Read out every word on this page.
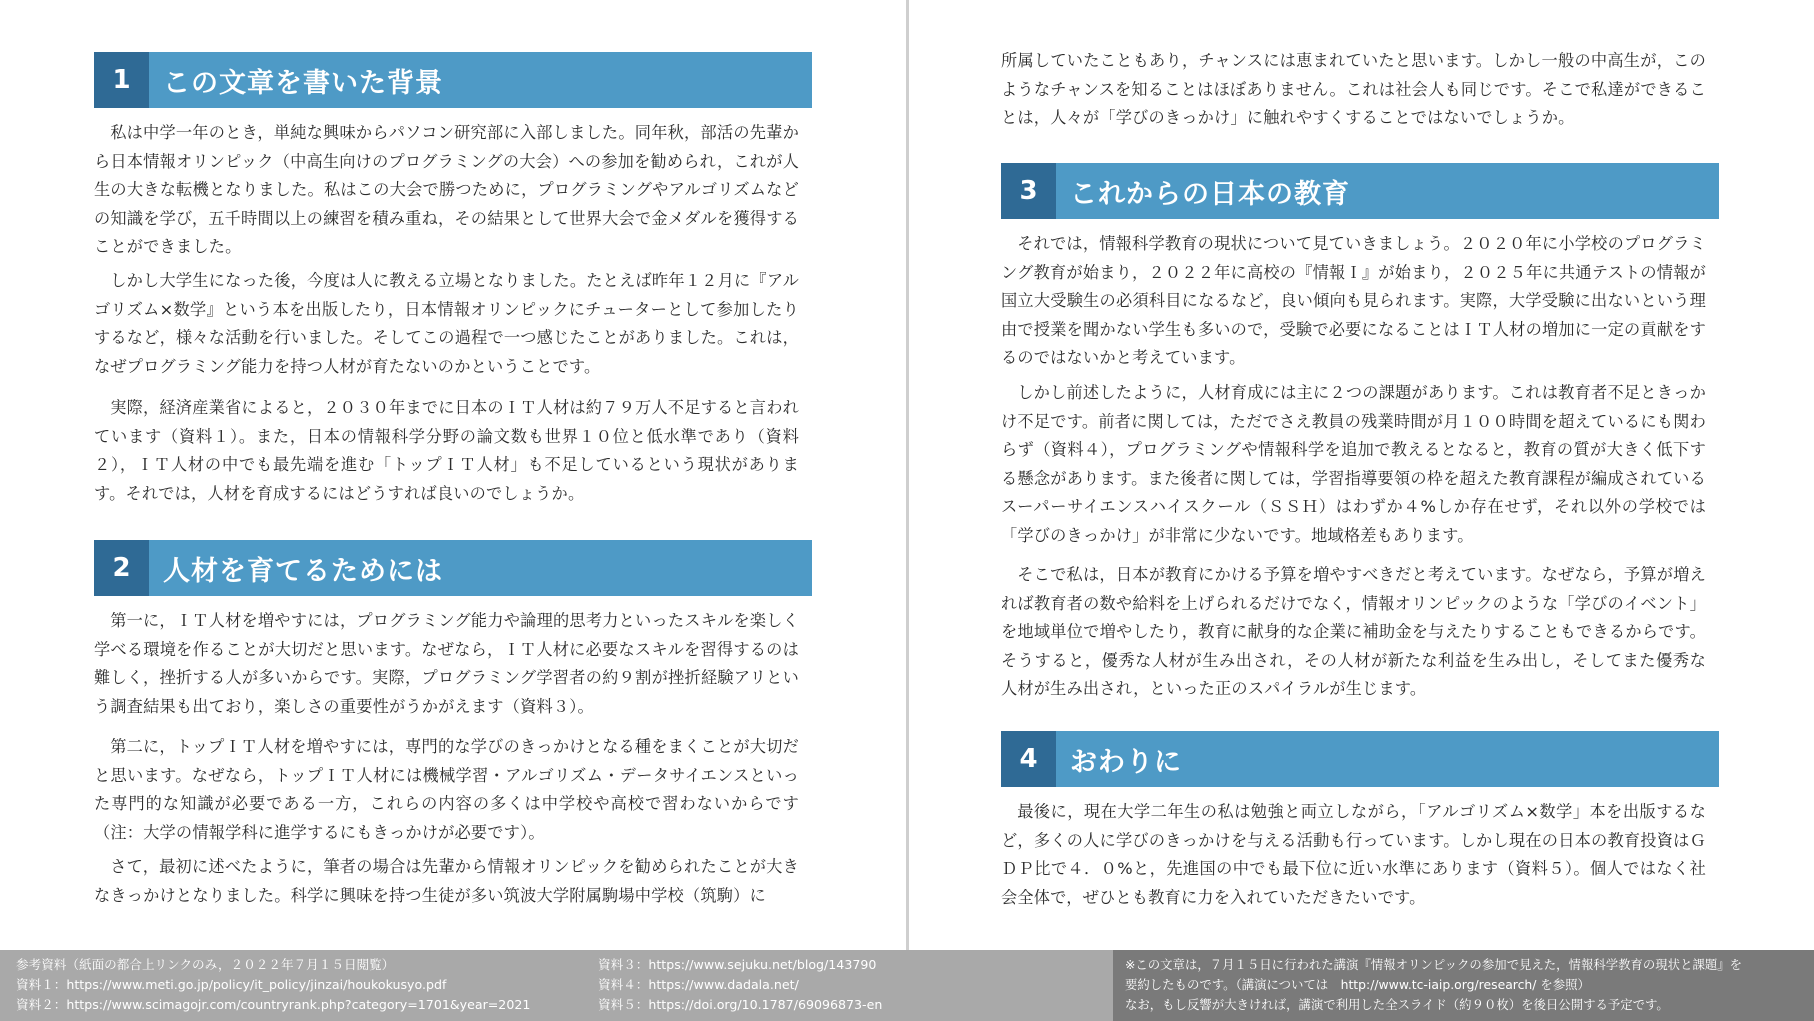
1	この文章を書いた背景

私は中学一年のとき，単純な興味からパソコン研究部に入部しました。同年秋，部活の先輩から日本情報オリンピック（中高生向けのプログラミングの大会）への参加を勧められ，これが人生の大きな転機となりました。私はこの大会で勝つために，プログラミングやアルゴリズムなどの知識を学び，五千時間以上の練習を積み重ね，その結果として世界大会で金メダルを獲得することができました。

しかし大学生になった後，今度は人に教える立場となりました。たとえば昨年１２月に『アルゴリズム×数学』という本を出版したり，日本情報オリンピックにチューターとして参加したりするなど，様々な活動を行いました。そしてこの過程で一つ感じたことがありました。これは，なぜプログラミング能力を持つ人材が育たないのかということです。

実際，経済産業省によると，２０３０年までに日本のＩＴ人材は約７９万人不足すると言われています（資料１）。また，日本の情報科学分野の論文数も世界１０位と低水準であり（資料２），ＩＴ人材の中でも最先端を進む「トップＩＴ人材」も不足しているという現状があります。それでは，人材を育成するにはどうすれば良いのでしょうか。

2	人材を育てるためには

第一に，ＩＴ人材を増やすには，プログラミング能力や論理的思考力といったスキルを楽しく学べる環境を作ることが大切だと思います。なぜなら，ＩＴ人材に必要なスキルを習得するのは難しく，挫折する人が多いからです。実際，プログラミング学習者の約９割が挫折経験アリという調査結果も出ており，楽しさの重要性がうかがえます（資料３）。

第二に，トップＩＴ人材を増やすには，専門的な学びのきっかけとなる種をまくことが大切だと思います。なぜなら，トップＩＴ人材には機械学習・アルゴリズム・データサイエンスといった専門的な知識が必要である一方，これらの内容の多くは中学校や高校で習わないからです（注：大学の情報学科に進学するにもきっかけが必要です）。

さて，最初に述べたように，筆者の場合は先輩から情報オリンピックを勧められたことが大きなきっかけとなりました。科学に興味を持つ生徒が多い筑波大学附属駒場中学校（筑駒）に

所属していたこともあり，チャンスには恵まれていたと思います。しかし一般の中高生が，このようなチャンスを知ることはほぼありません。これは社会人も同じです。そこで私達ができることは，人々が「学びのきっかけ」に触れやすくすることではないでしょうか。

3	これからの日本の教育

それでは，情報科学教育の現状について見ていきましょう。２０２０年に小学校のプログラミング教育が始まり，２０２２年に高校の『情報Ｉ』が始まり，２０２５年に共通テストの情報が国立大受験生の必須科目になるなど，良い傾向も見られます。実際，大学受験に出ないという理由で授業を聞かない学生も多いので，受験で必要になることはＩＴ人材の増加に一定の貢献をするのではないかと考えています。

しかし前述したように，人材育成には主に２つの課題があります。これは教育者不足ときっかけ不足です。前者に関しては，ただでさえ教員の残業時間が月１００時間を超えているにも関わらず（資料４），プログラミングや情報科学を追加で教えるとなると，教育の質が大きく低下する懸念があります。また後者に関しては，学習指導要領の枠を超えた教育課程が編成されているスーパーサイエンスハイスクール（ＳＳＨ）はわずか４%しか存在せず，それ以外の学校では「学びのきっかけ」が非常に少ないです。地域格差もあります。

そこで私は，日本が教育にかける予算を増やすべきだと考えています。なぜなら，予算が増えれば教育者の数や給料を上げられるだけでなく，情報オリンピックのような「学びのイベント」を地域単位で増やしたり，教育に献身的な企業に補助金を与えたりすることもできるからです。そうすると，優秀な人材が生み出され，その人材が新たな利益を生み出し，そしてまた優秀な人材が生み出され，といった正のスパイラルが生じます。

4	おわりに

最後に，現在大学二年生の私は勉強と両立しながら，「アルゴリズム×数学」本を出版するなど，多くの人に学びのきっかけを与える活動も行っています。しかし現在の日本の教育投資はＧＤＰ比で４．０%と，先進国の中でも最下位に近い水準にあります（資料５）。個人ではなく社会全体で，ぜひとも教育に力を入れていただきたいです。

参考資料（紙面の都合上リンクのみ，２０２２年７月１５日閲覧）
資料１：https://www.meti.go.jp/policy/it_policy/jinzai/houkokusyo.pdf
資料２：https://www.scimagojr.com/countryrank.php?category=1701&year=2021
資料３：https://www.sejuku.net/blog/143790
資料４：https://www.dadala.net/
資料５：https://doi.org/10.1787/69096873-en
※この文章は，７月１５日に行われた講演『情報オリンピックの参加で見えた，情報科学教育の現状と課題』を
要約したものです。（講演については　http://www.tc-iaip.org/research/ を参照）
なお，もし反響が大きければ，講演で利用した全スライド（約９０枚）を後日公開する予定です。
